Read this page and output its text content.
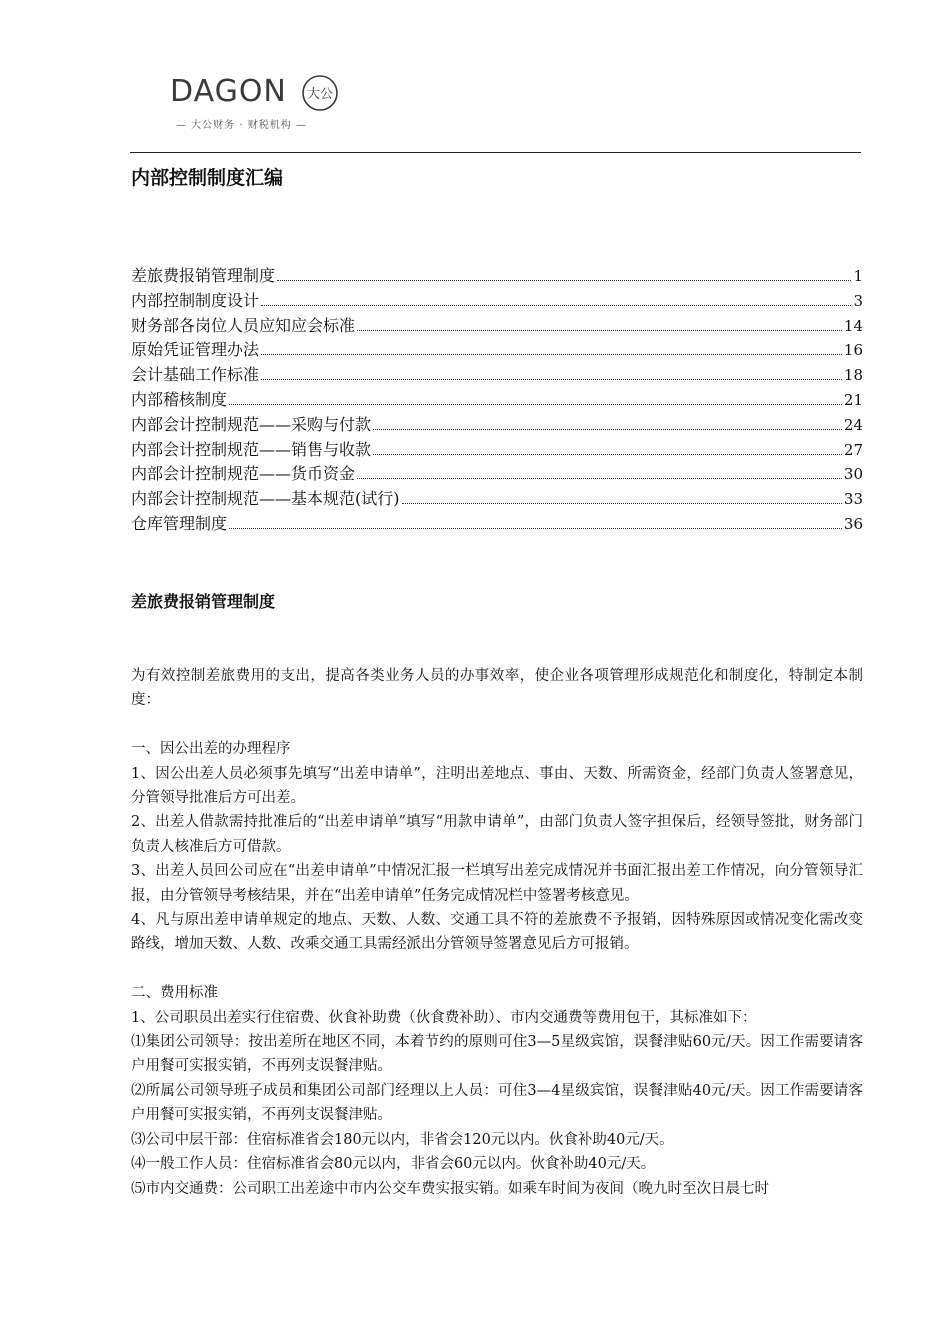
DAGON 大公
— 大公财务 · 财税机构 —
内部控制制度汇编
差旅费报销管理制度	1
内部控制制度设计	3
财务部各岗位人员应知应会标准	14
原始凭证管理办法	16
会计基础工作标准	18
内部稽核制度	21
内部会计控制规范——采购与付款	24
内部会计控制规范——销售与收款	27
内部会计控制规范——货币资金	30
内部会计控制规范——基本规范(试行)	33
仓库管理制度	36
差旅费报销管理制度

为有效控制差旅费用的支出，提高各类业务人员的办事效率，使企业各项管理形成规范化和制度化，特制定本制度：

一、因公出差的办理程序

1、因公出差人员必须事先填写“出差申请单”，注明出差地点、事由、天数、所需资金，经部门负责人签署意见，分管领导批准后方可出差。

2、出差人借款需持批准后的“出差申请单”填写“用款申请单”，由部门负责人签字担保后，经领导签批，财务部门负责人核准后方可借款。

3、出差人员回公司应在“出差申请单”中情况汇报一栏填写出差完成情况并书面汇报出差工作情况，向分管领导汇报，由分管领导考核结果，并在“出差申请单”任务完成情况栏中签署考核意见。

4、凡与原出差申请单规定的地点、天数、人数、交通工具不符的差旅费不予报销，因特殊原因或情况变化需改变路线，增加天数、人数、改乘交通工具需经派出分管领导签署意见后方可报销。

二、费用标准

1、公司职员出差实行住宿费、伙食补助费（伙食费补助）、市内交通费等费用包干，其标准如下：

⑴集团公司领导：按出差所在地区不同，本着节约的原则可住3—5星级宾馆，误餐津贴60元/天。因工作需要请客户用餐可实报实销，不再列支误餐津贴。

⑵所属公司领导班子成员和集团公司部门经理以上人员：可住3—4星级宾馆，误餐津贴40元/天。因工作需要请客户用餐可实报实销，不再列支误餐津贴。

⑶公司中层干部：住宿标准省会180元以内，非省会120元以内。伙食补助40元/天。

⑷一般工作人员：住宿标准省会80元以内，非省会60元以内。伙食补助40元/天。

⑸市内交通费：公司职工出差途中市内公交车费实报实销。如乘车时间为夜间（晚九时至次日晨七时
